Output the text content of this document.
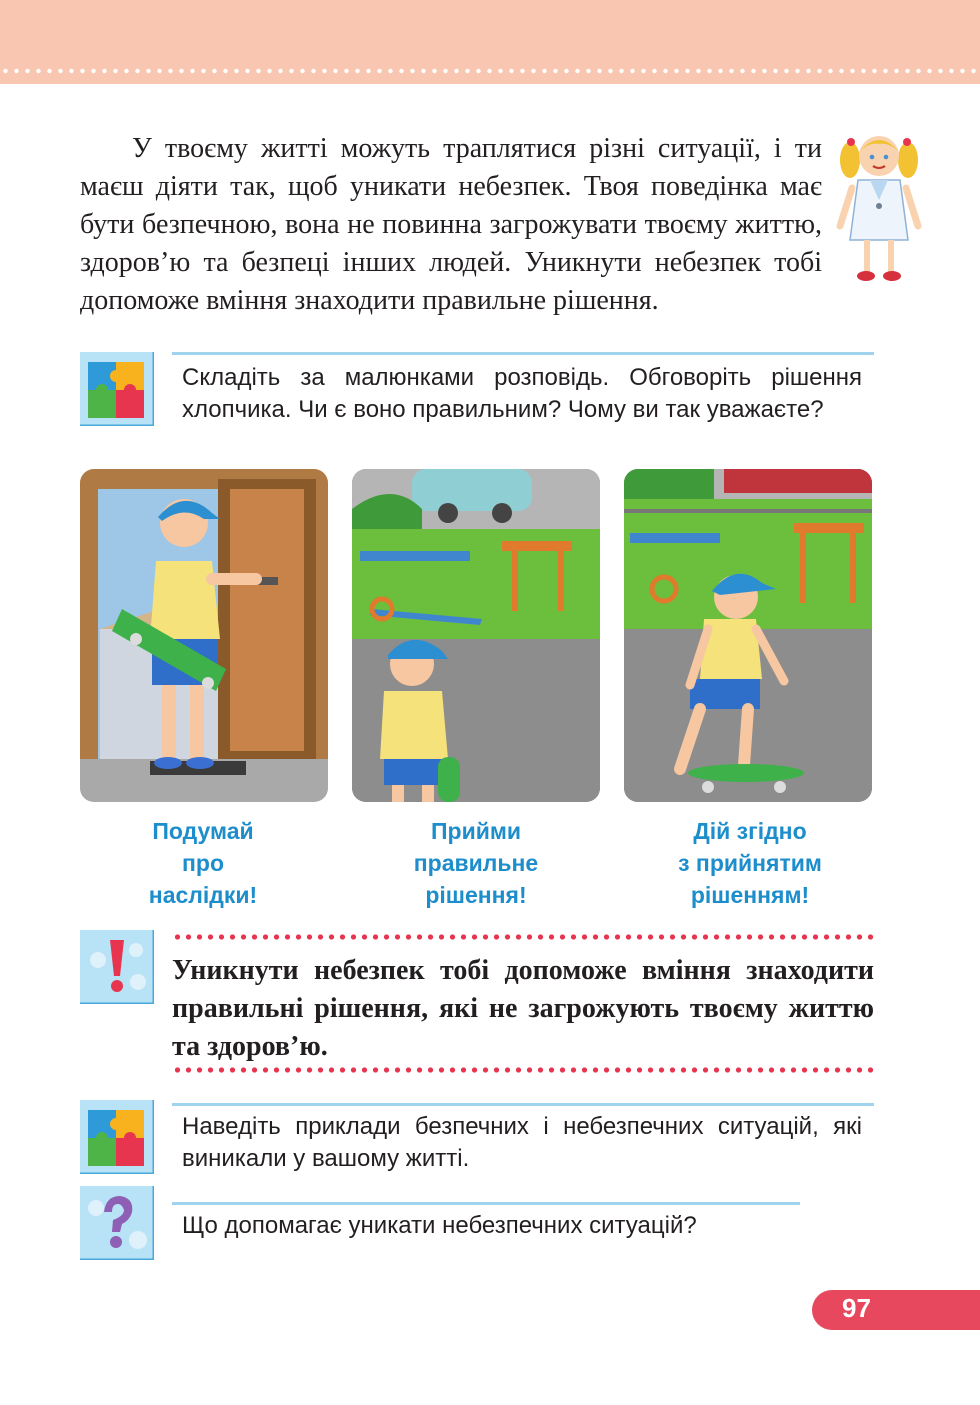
У твоєму житті можуть траплятися різні ситуації, і ти маєш діяти так, щоб уникати небезпек. Твоя поведінка має бути безпечною, вона не повинна загрожувати твоєму життю, здоров’ю та безпеці інших людей. Уникнути небезпек тобі допоможе вміння знаходити правильне рішення.

Складіть за малюнками розповідь. Обговоріть рішення хлопчика. Чи є воно правильним? Чому ви так уважаєте?

Подумай
про
наслідки!

Прийми
правильне
рішення!

Дій згідно
з прийнятим
рішенням!

Уникнути небезпек тобі допоможе вміння знаходити правильні рішення, які не загрожують твоєму життю та здоров’ю.

Наведіть приклади безпечних і небезпечних ситуацій, які виникали у вашому житті.

Що допомагає уникати небезпечних ситуацій?

97
